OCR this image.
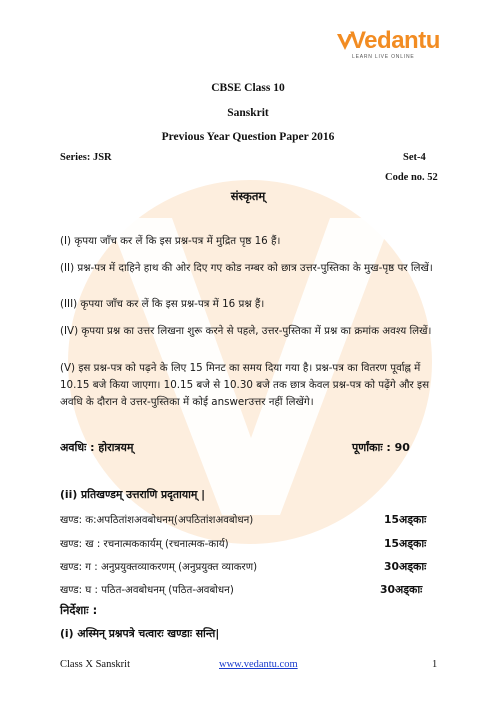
Vedantu
LEARN LIVE ONLINE
CBSE Class 10
Sanskrit
Previous Year Question Paper 2016
Series: JSR	Set-4
Code no. 52
संस्कृतम्
(I) कृपया जाँच कर लें कि इस प्रश्न-पत्र में मुद्रित पृष्ठ 16 हैं।
(II) प्रश्न-पत्र में दाहिने हाथ की ओर दिए गए कोड नम्बर को छात्र उत्तर-पुस्तिका के मुख-पृष्ठ पर लिखें।
(III) कृपया जाँच कर लें कि इस प्रश्न-पत्र में 16 प्रश्न हैं।
(IV) कृपया प्रश्न का उत्तर लिखना शुरू करने से पहले, उत्तर-पुस्तिका में प्रश्न का क्रमांक अवश्य लिखें।
(V) इस प्रश्न-पत्र को पढ़ने के लिए 15 मिनट का समय दिया गया है। प्रश्न-पत्र का वितरण पूर्वाह्न में 10.15 बजे किया जाएगा। 10.15 बजे से 10.30 बजे तक छात्र केवल प्रश्न-पत्र को पढ़ेंगे और इस अवधि के दौरान वे उत्तर-पुस्तिका में कोई answerउत्तर नहीं लिखेंगे।
अवधिः : होरात्रयम्	पूर्णांकाः : 90
(ii) प्रतिखण्डम् उत्तराणि प्रदृतायाम् |
खण्ड: क:अपठितांशअवबोधनम्(अपठितांशअवबोधन)	15अड्काः
खण्ड: ख : रचनात्मककार्यम् (रचनात्मक-कार्य)	15अड्काः
खण्ड: ग : अनुप्रयुक्तव्याकरणम् (अनुप्रयुक्त व्याकरण)	30अड्काः
खण्ड: घ : पठित-अवबोधनम् (पठित-अवबोधन)	30अड्काः
निर्देशाः :
(i) अस्मिन् प्रश्नपत्रे चत्वारः खण्डाः सन्ति|
Class X Sanskrit	www.vedantu.com	1
